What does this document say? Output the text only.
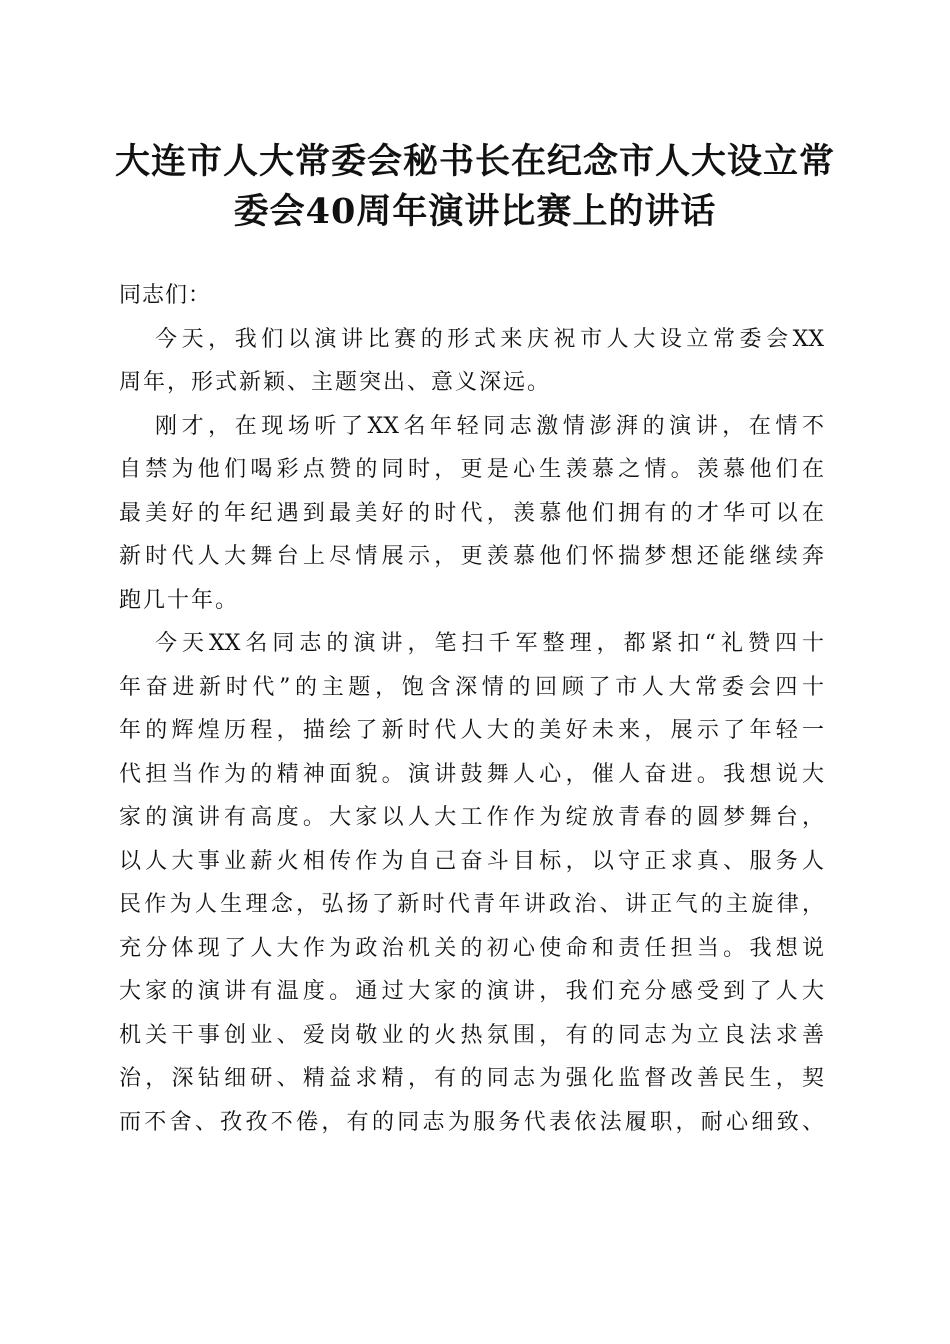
大连市人大常委会秘书长在纪念市人大设立常
委会40周年演讲比赛上的讲话

同志们：

今天，我们以演讲比赛的形式来庆祝市人大设立常委会XX
周年，形式新颖、主题突出、意义深远。

刚才，在现场听了XX名年轻同志激情澎湃的演讲，在情不
自禁为他们喝彩点赞的同时，更是心生羡慕之情。羡慕他们在
最美好的年纪遇到最美好的时代，羡慕他们拥有的才华可以在
新时代人大舞台上尽情展示，更羡慕他们怀揣梦想还能继续奔
跑几十年。

今天XX名同志的演讲，笔扫千军整理，都紧扣“礼赞四十
年奋进新时代”的主题，饱含深情的回顾了市人大常委会四十
年的辉煌历程，描绘了新时代人大的美好未来，展示了年轻一
代担当作为的精神面貌。演讲鼓舞人心，催人奋进。我想说大
家的演讲有高度。大家以人大工作作为绽放青春的圆梦舞台，
以人大事业薪火相传作为自己奋斗目标，以守正求真、服务人
民作为人生理念，弘扬了新时代青年讲政治、讲正气的主旋律，
充分体现了人大作为政治机关的初心使命和责任担当。我想说
大家的演讲有温度。通过大家的演讲，我们充分感受到了人大
机关干事创业、爱岗敬业的火热氛围，有的同志为立良法求善
治，深钻细研、精益求精，有的同志为强化监督改善民生，契
而不舍、孜孜不倦，有的同志为服务代表依法履职，耐心细致、
